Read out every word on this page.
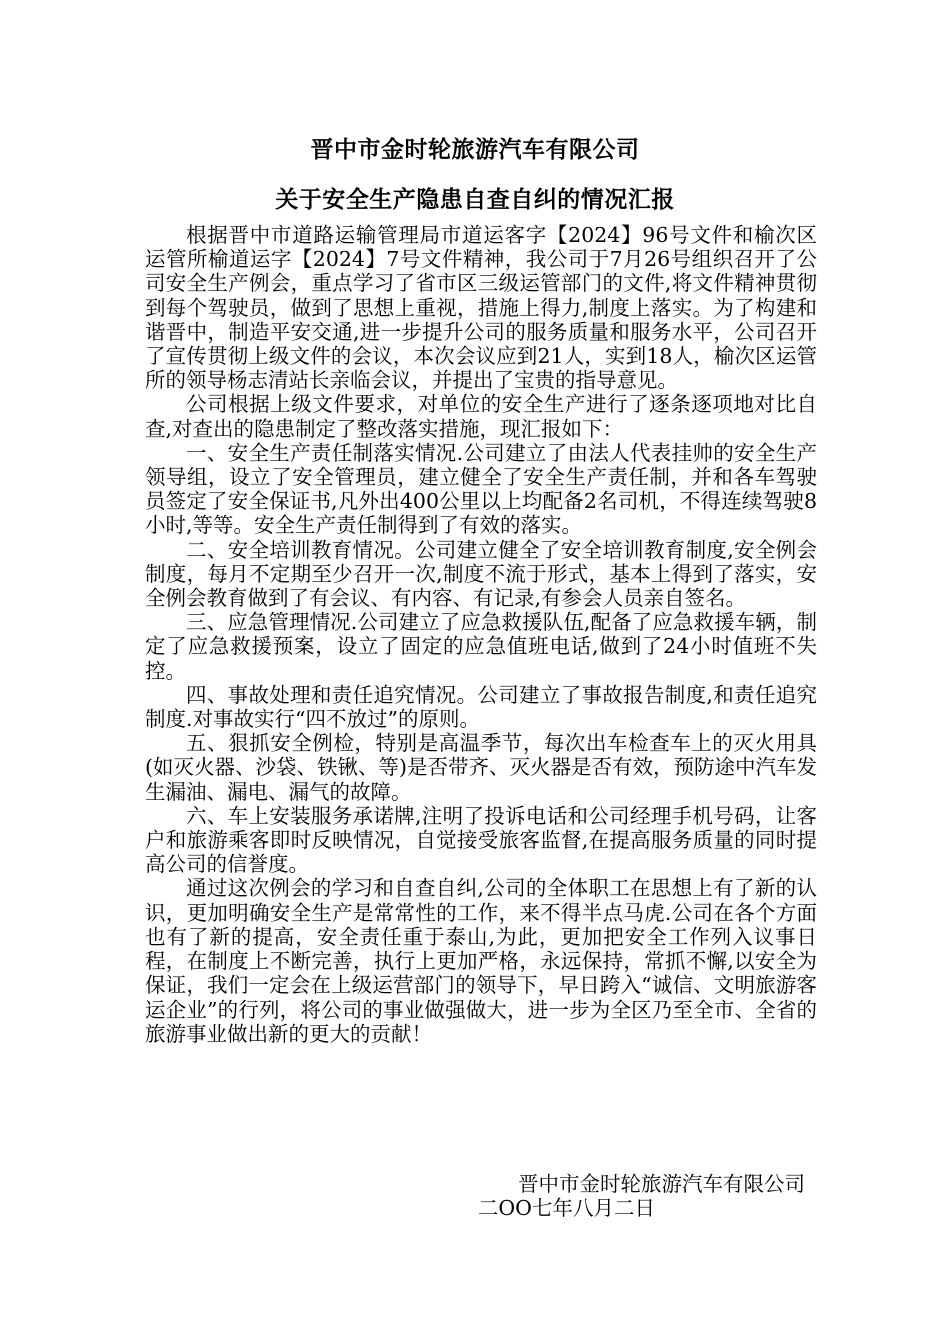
晋中市金时轮旅游汽车有限公司
关于安全生产隐患自查自纠的情况汇报

根据晋中市道路运输管理局市道运客字【2024】96号文件和榆次区运管所榆道运字【2024】7号文件精神，我公司于7月26号组织召开了公司安全生产例会，重点学习了省市区三级运管部门的文件,将文件精神贯彻到每个驾驶员，做到了思想上重视，措施上得力,制度上落实。为了构建和谐晋中，制造平安交通,进一步提升公司的服务质量和服务水平，公司召开了宣传贯彻上级文件的会议，本次会议应到21人，实到18人，榆次区运管所的领导杨志清站长亲临会议，并提出了宝贵的指导意见。

公司根据上级文件要求，对单位的安全生产进行了逐条逐项地对比自查,对查出的隐患制定了整改落实措施，现汇报如下：

一、安全生产责任制落实情况.公司建立了由法人代表挂帅的安全生产领导组，设立了安全管理员，建立健全了安全生产责任制，并和各车驾驶员签定了安全保证书,凡外出400公里以上均配备2名司机，不得连续驾驶8小时,等等。安全生产责任制得到了有效的落实。

二、安全培训教育情况。公司建立健全了安全培训教育制度,安全例会制度，每月不定期至少召开一次,制度不流于形式，基本上得到了落实，安全例会教育做到了有会议、有内容、有记录,有参会人员亲自签名。

三、应急管理情况.公司建立了应急救援队伍,配备了应急救援车辆，制定了应急救援预案，设立了固定的应急值班电话,做到了24小时值班不失控。

四、事故处理和责任追究情况。公司建立了事故报告制度,和责任追究制度.对事故实行“四不放过”的原则。

五、狠抓安全例检，特别是高温季节，每次出车检查车上的灭火用具(如灭火器、沙袋、铁锹、等)是否带齐、灭火器是否有效，预防途中汽车发生漏油、漏电、漏气的故障。

六、车上安装服务承诺牌,注明了投诉电话和公司经理手机号码，让客户和旅游乘客即时反映情况，自觉接受旅客监督,在提高服务质量的同时提高公司的信誉度。

通过这次例会的学习和自查自纠,公司的全体职工在思想上有了新的认识，更加明确安全生产是常常性的工作，来不得半点马虎.公司在各个方面也有了新的提高，安全责任重于泰山,为此，更加把安全工作列入议事日程，在制度上不断完善，执行上更加严格，永远保持，常抓不懈,以安全为保证，我们一定会在上级运营部门的领导下，早日跨入“诚信、文明旅游客运企业”的行列，将公司的事业做强做大，进一步为全区乃至全市、全省的旅游事业做出新的更大的贡献！

晋中市金时轮旅游汽车有限公司
二OO七年八月二日
